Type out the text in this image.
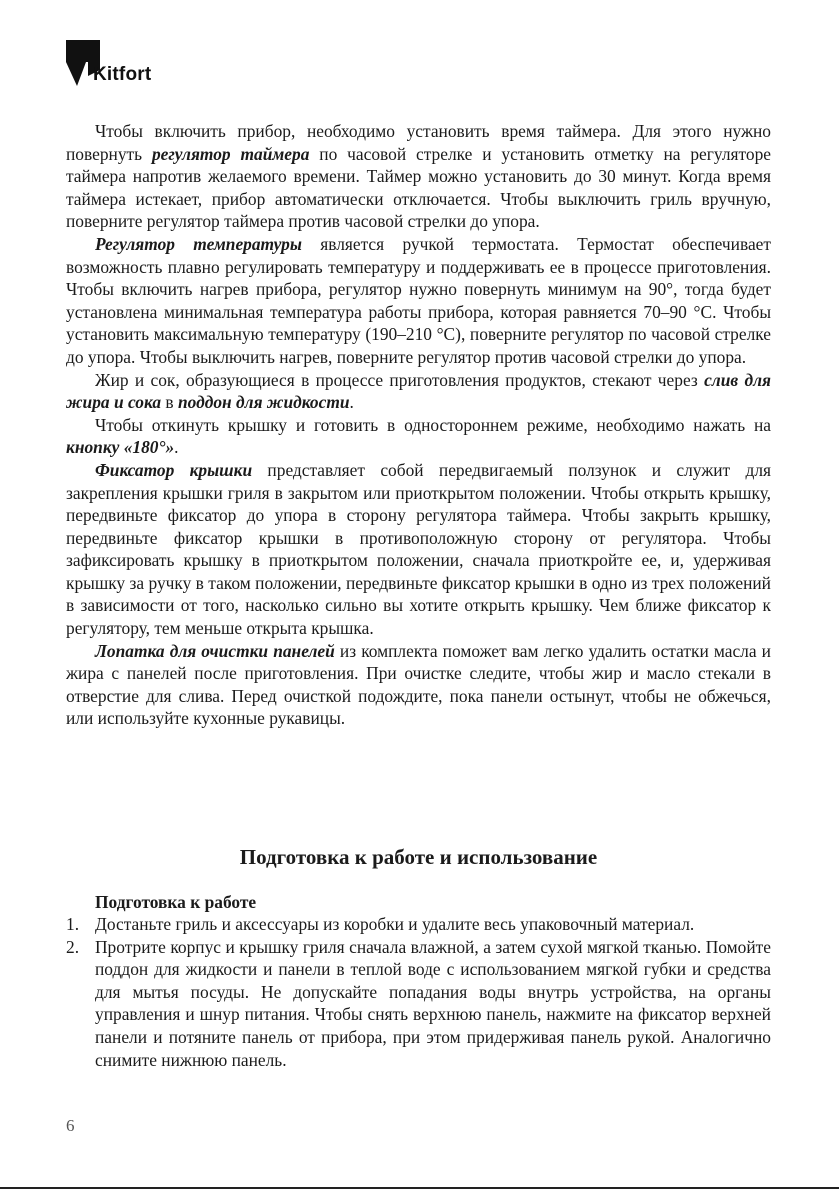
Kitfort

Чтобы включить прибор, необходимо установить время таймера. Для этого нужно повернуть регулятор таймера по часовой стрелке и установить отметку на регуляторе таймера напротив желаемого времени. Таймер можно установить до 30 минут. Когда время таймера истекает, прибор автоматически отключается. Чтобы выключить гриль вручную, поверните регулятор таймера против часовой стрелки до упора.

Регулятор температуры является ручкой термостата. Термостат обеспечивает возможность плавно регулировать температуру и поддерживать ее в процессе приготовления. Чтобы включить нагрев прибора, регулятор нужно повернуть минимум на 90°, тогда будет установлена минимальная температура работы прибора, которая равняется 70–90 °С. Чтобы установить максимальную температуру (190–210 °С), поверните регулятор по часовой стрелке до упора. Чтобы выключить нагрев, поверните регулятор против часовой стрелки до упора.

Жир и сок, образующиеся в процессе приготовления продуктов, стекают через слив для жира и сока в поддон для жидкости.

Чтобы откинуть крышку и готовить в одностороннем режиме, необходимо нажать на кнопку «180°».

Фиксатор крышки представляет собой передвигаемый ползунок и служит для закрепления крышки гриля в закрытом или приоткрытом положении. Чтобы открыть крышку, передвиньте фиксатор до упора в сторону регулятора таймера. Чтобы закрыть крышку, передвиньте фиксатор крышки в противоположную сторону от регулятора. Чтобы зафиксировать крышку в приоткрытом положении, сначала приоткройте ее, и, удерживая крышку за ручку в таком положении, передвиньте фиксатор крышки в одно из трех положений в зависимости от того, насколько сильно вы хотите открыть крышку. Чем ближе фиксатор к регулятору, тем меньше открыта крышка.

Лопатка для очистки панелей из комплекта поможет вам легко удалить остатки масла и жира с панелей после приготовления. При очистке следите, чтобы жир и масло стекали в отверстие для слива. Перед очисткой подождите, пока панели остынут, чтобы не обжечься, или используйте кухонные рукавицы.

Подготовка к работе и использование
Подготовка к работе
1. Достаньте гриль и аксессуары из коробки и удалите весь упаковочный материал.
2. Протрите корпус и крышку гриля сначала влажной, а затем сухой мягкой тканью. Помойте поддон для жидкости и панели в теплой воде с использованием мягкой губки и средства для мытья посуды. Не допускайте попадания воды внутрь устройства, на органы управления и шнур питания. Чтобы снять верхнюю панель, нажмите на фиксатор верхней панели и потяните панель от прибора, при этом придерживая панель рукой. Аналогично снимите нижнюю панель.
6
